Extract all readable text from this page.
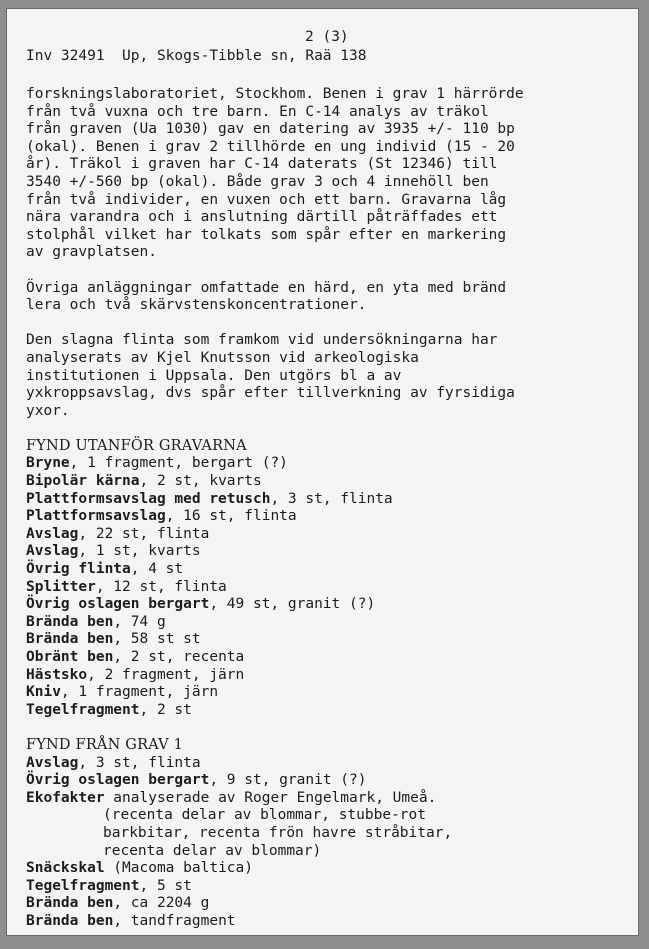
2 (3)
Inv 32491  Up, Skogs-Tibble sn, Raä 138

forskningslaboratoriet, Stockhom. Benen i grav 1 härrörde
från två vuxna och tre barn. En C-14 analys av träkol
från graven (Ua 1030) gav en datering av 3935 +/- 110 bp
(okal). Benen i grav 2 tillhörde en ung individ (15 - 20
år). Träkol i graven har C-14 daterats (St 12346) till
3540 +/-560 bp (okal). Både grav 3 och 4 innehöll ben
från två individer, en vuxen och ett barn. Gravarna låg
nära varandra och i anslutning därtill påträffades ett
stolphål vilket har tolkats som spår efter en markering
av gravplatsen.

Övriga anläggningar omfattade en härd, en yta med bränd
lera och två skärvstenskoncentrationer.

Den slagna flinta som framkom vid undersökningarna har
analyserats av Kjel Knutsson vid arkeologiska
institutionen i Uppsala. Den utgörs bl a av
yxkroppsavslag, dvs spår efter tillverkning av fyrsidiga
yxor.

FYND UTANFÖR GRAVARNA
Bryne, 1 fragment, bergart (?)
Bipolär kärna, 2 st, kvarts
Plattformsavslag med retusch, 3 st, flinta
Plattformsavslag, 16 st, flinta
Avslag, 22 st, flinta
Avslag, 1 st, kvarts
Övrig flinta, 4 st
Splitter, 12 st, flinta
Övrig oslagen bergart, 49 st, granit (?)
Brända ben, 74 g
Brända ben, 58 st st
Obränt ben, 2 st, recenta
Hästsko, 2 fragment, järn
Kniv, 1 fragment, järn
Tegelfragment, 2 st
FYND FRÅN GRAV 1
Avslag, 3 st, flinta
Övrig oslagen bergart, 9 st, granit (?)
Ekofakter analyserade av Roger Engelmark, Umeå.
(recenta delar av blommar, stubbe-rot
barkbitar, recenta frön havre stråbitar,
recenta delar av blommar)
Snäckskal (Macoma baltica)
Tegelfragment, 5 st
Brända ben, ca 2204 g
Brända ben, tandfragment
